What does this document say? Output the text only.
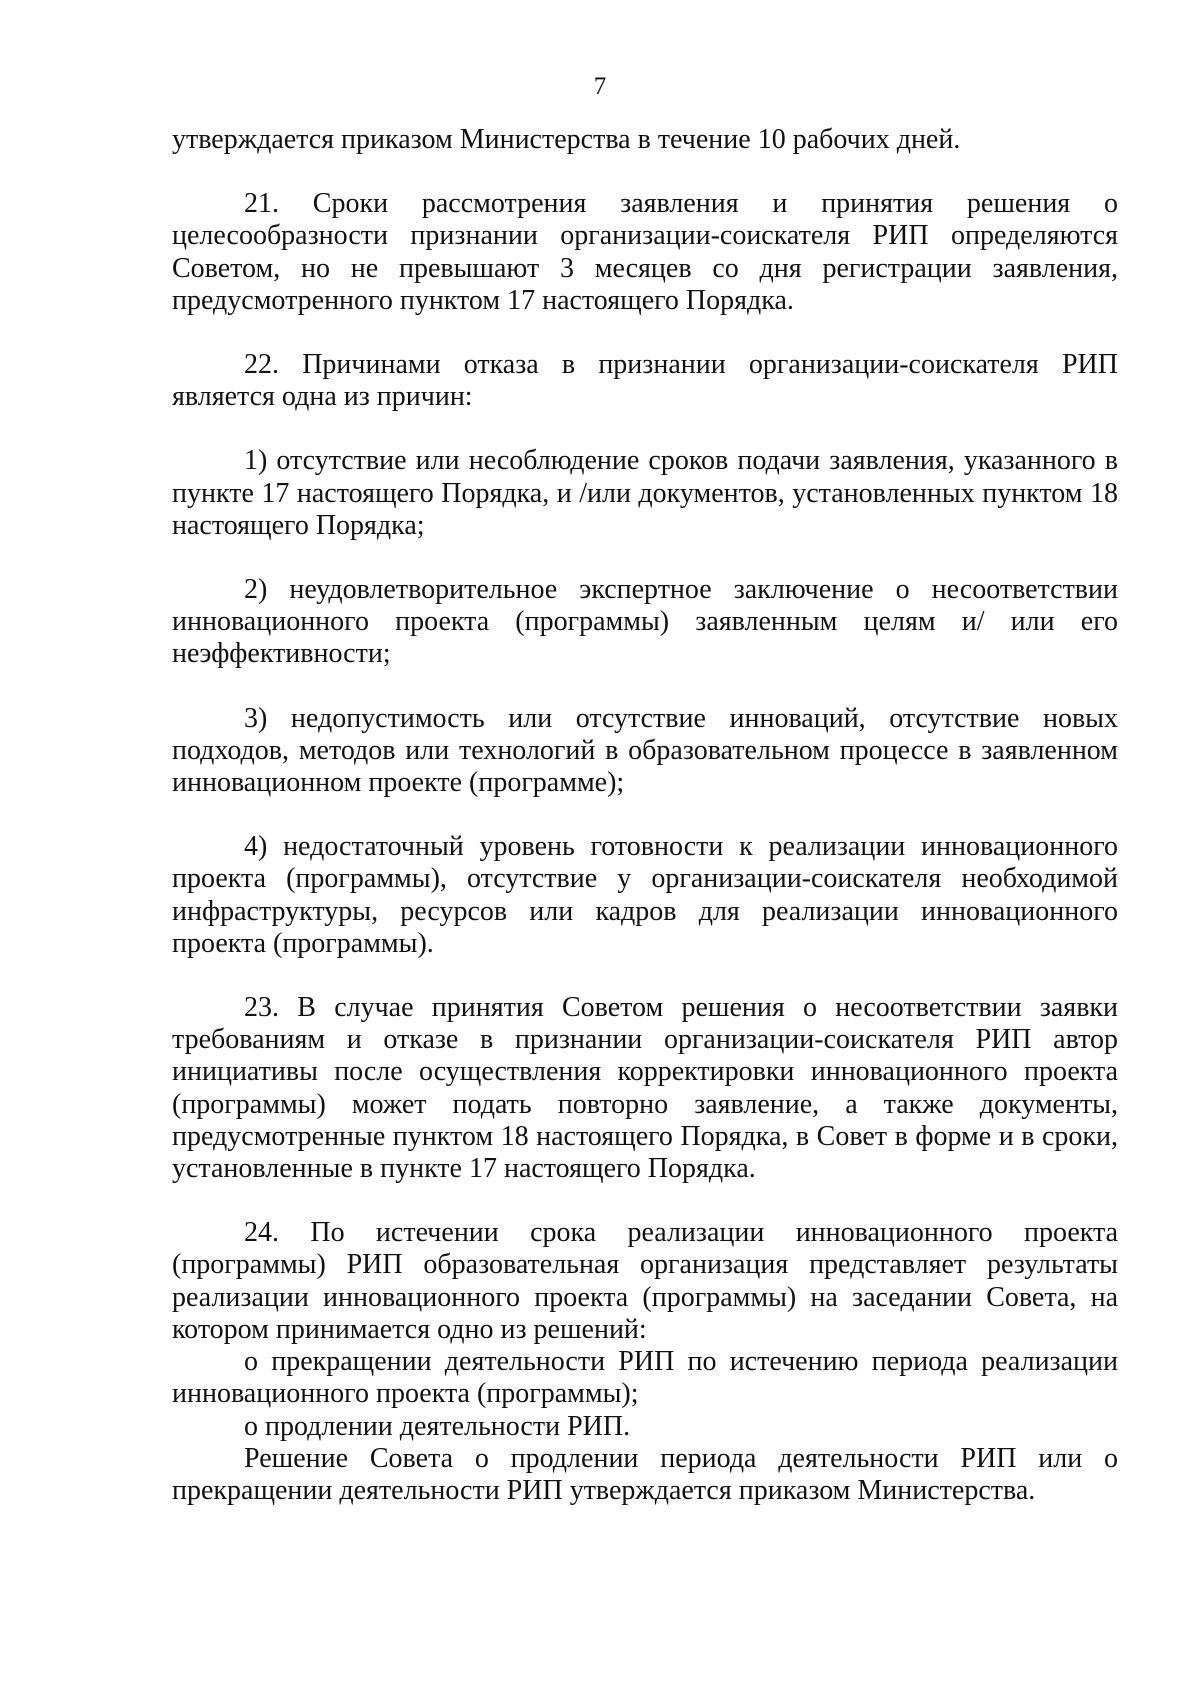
7

утверждается приказом Министерства в течение 10 рабочих дней.

21. Сроки рассмотрения заявления и принятия решения о целесообразности признании организации-соискателя РИП определяются Советом, но не превышают 3 месяцев со дня регистрации заявления, предусмотренного пунктом 17 настоящего Порядка.

22. Причинами отказа в признании организации-соискателя РИП является одна из причин:

1) отсутствие или несоблюдение сроков подачи заявления, указанного в пункте 17 настоящего Порядка, и /или документов, установленных пунктом 18 настоящего Порядка;

2) неудовлетворительное экспертное заключение о несоответствии инновационного проекта (программы) заявленным целям и/ или его неэффективности;

3) недопустимость или отсутствие инноваций, отсутствие новых подходов, методов или технологий в образовательном процессе в заявленном инновационном проекте (программе);

4) недостаточный уровень готовности к реализации инновационного проекта (программы), отсутствие у организации-соискателя необходимой инфраструктуры, ресурсов или кадров для реализации инновационного проекта (программы).

23. В случае принятия Советом решения о несоответствии заявки требованиям и отказе в признании организации-соискателя РИП автор инициативы после осуществления корректировки инновационного проекта (программы) может подать повторно заявление, а также документы, предусмотренные пунктом 18 настоящего Порядка, в Совет в форме и в сроки, установленные в пункте 17 настоящего Порядка.

24. По истечении срока реализации инновационного проекта (программы) РИП образовательная организация представляет результаты реализации инновационного проекта (программы) на заседании Совета, на котором принимается одно из решений:

о прекращении деятельности РИП по истечению периода реализации инновационного проекта (программы);

о продлении деятельности РИП.

Решение Совета о продлении периода деятельности РИП или о прекращении деятельности РИП утверждается приказом Министерства.
